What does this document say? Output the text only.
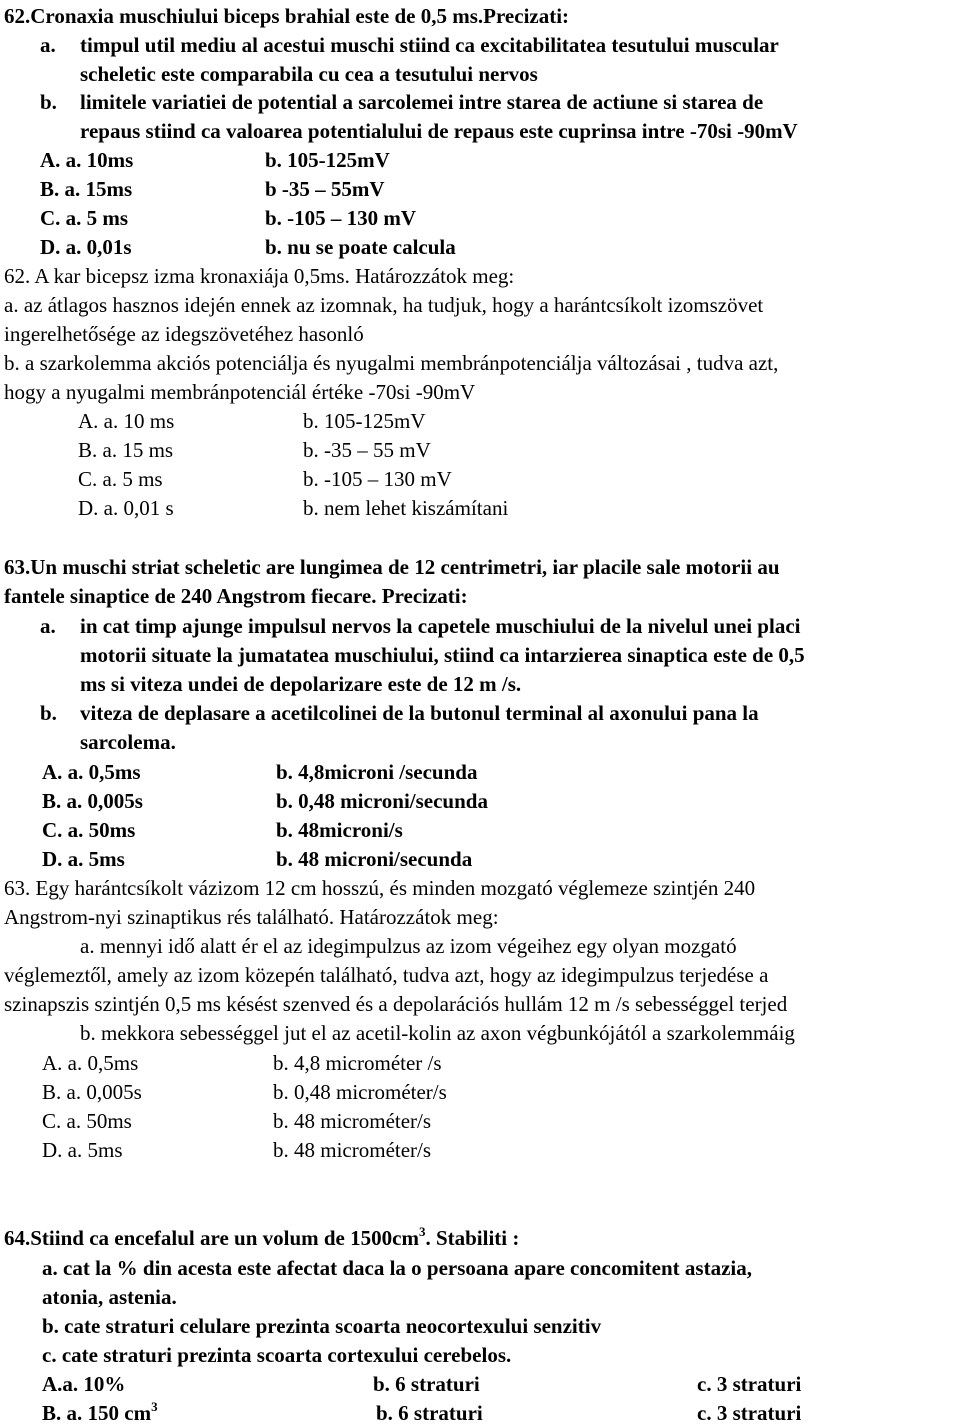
62.Cronaxia muschiului biceps brahial este de 0,5 ms.Precizati:
a. timpul util mediu al acestui muschi stiind ca excitabilitatea tesutului muscular
scheletic este comparabila cu cea a tesutului nervos
b. limitele variatiei de potential a sarcolemei intre starea de actiune si starea de
repaus stiind ca valoarea potentialului de repaus este cuprinsa intre -70si -90mV
A. a. 10ms	b. 105-125mV
B. a. 15ms	b -35 – 55mV
C. a. 5 ms	b. -105 – 130 mV
D. a. 0,01s	b. nu se poate calcula
62. A kar bicepsz izma kronaxiája 0,5ms. Határozzátok meg:
a. az átlagos hasznos idején ennek az izomnak, ha tudjuk, hogy a harántcsíkolt izomszövet
ingerelhetősége az idegszövetéhez hasonló
b. a szarkolemma akciós potenciálja és nyugalmi membránpotenciálja változásai , tudva azt,
hogy a nyugalmi membránpotenciál értéke -70si -90mV
A. a. 10 ms	b. 105-125mV
B. a. 15 ms	b. -35 – 55 mV
C. a. 5 ms	b. -105 – 130 mV
D. a. 0,01 s	b. nem lehet kiszámítani
63.Un muschi striat scheletic are lungimea de 12 centrimetri, iar placile sale motorii au
fantele sinaptice de 240 Angstrom fiecare. Precizati:
a. in cat timp ajunge impulsul nervos la capetele muschiului de la nivelul unei placi
motorii situate la jumatatea muschiului, stiind ca intarzierea sinaptica este de 0,5
ms si viteza undei de depolarizare este de 12 m /s.
b. viteza de deplasare a acetilcolinei de la butonul terminal al axonului pana la
sarcolema.
A. a. 0,5ms	b. 4,8microni /secunda
B. a. 0,005s	b. 0,48 microni/secunda
C. a. 50ms	b. 48microni/s
D. a. 5ms	b. 48 microni/secunda
63. Egy harántcsíkolt vázizom 12 cm hosszú, és minden mozgató véglemeze szintjén 240
Angstrom-nyi szinaptikus rés található. Határozzátok meg:
a. mennyi idő alatt ér el az idegimpulzus az izom végeihez egy olyan mozgató
véglemeztől, amely az izom közepén található, tudva azt, hogy az idegimpulzus terjedése a
szinapszis szintjén 0,5 ms késést szenved és a depolarációs hullám 12 m /s sebességgel terjed
b. mekkora sebességgel jut el az acetil-kolin az axon végbunkójától a szarkolemmáig
A. a. 0,5ms	b. 4,8 microméter /s
B. a. 0,005s	b. 0,48 microméter/s
C. a. 50ms	b. 48 microméter/s
D. a. 5ms	b. 48 microméter/s
64.Stiind ca encefalul are un volum de $1500cm^3$. Stabiliti :
a. cat la % din acesta este afectat daca la o persoana apare concomitent astazia,
atonia, astenia.
b. cate straturi celulare prezinta scoarta neocortexului senzitiv
c. cate straturi prezinta scoarta cortexului cerebelos.
A.a. 10%	b. 6 straturi	c. 3 straturi
B. a. 150 $cm^3$	b. 6 straturi	c. 3 straturi
